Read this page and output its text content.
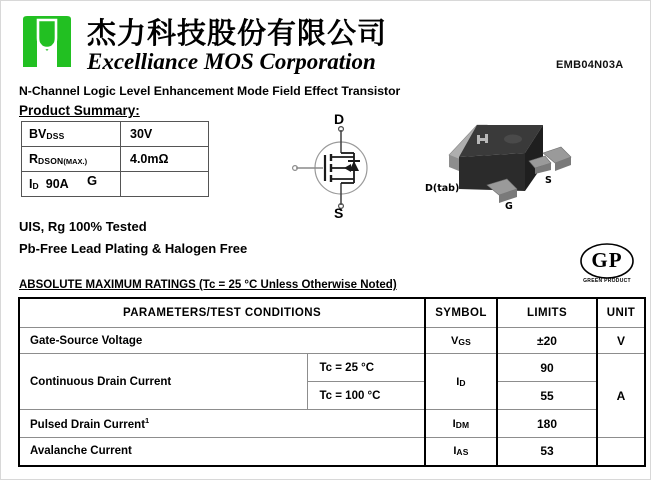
杰力科技股份有限公司
Excelliance MOS Corporation	EMB04N03A
N-Channel Logic Level Enhancement Mode Field Effect Transistor
Product Summary:
BVDSS	30V
RDSON(MAX.)	4.0mΩ
ID 90A	G
UIS, Rg 100% Tested
Pb-Free Lead Plating & Halogen Free
D
S
D(tab)
G
S
GP
GREEN PRODUCT
ABSOLUTE MAXIMUM RATINGS (Tc = 25 °C Unless Otherwise Noted)
PARAMETERS/TEST CONDITIONS		SYMBOL	LIMITS	UNIT
Gate-Source Voltage		VGS	±20	V
Continuous Drain Current	Tc = 25 °C	ID	90	A
	Tc = 100 °C		55	
Pulsed Drain Current$^1$		IDM	180	
Avalanche Current		IAS	53	
